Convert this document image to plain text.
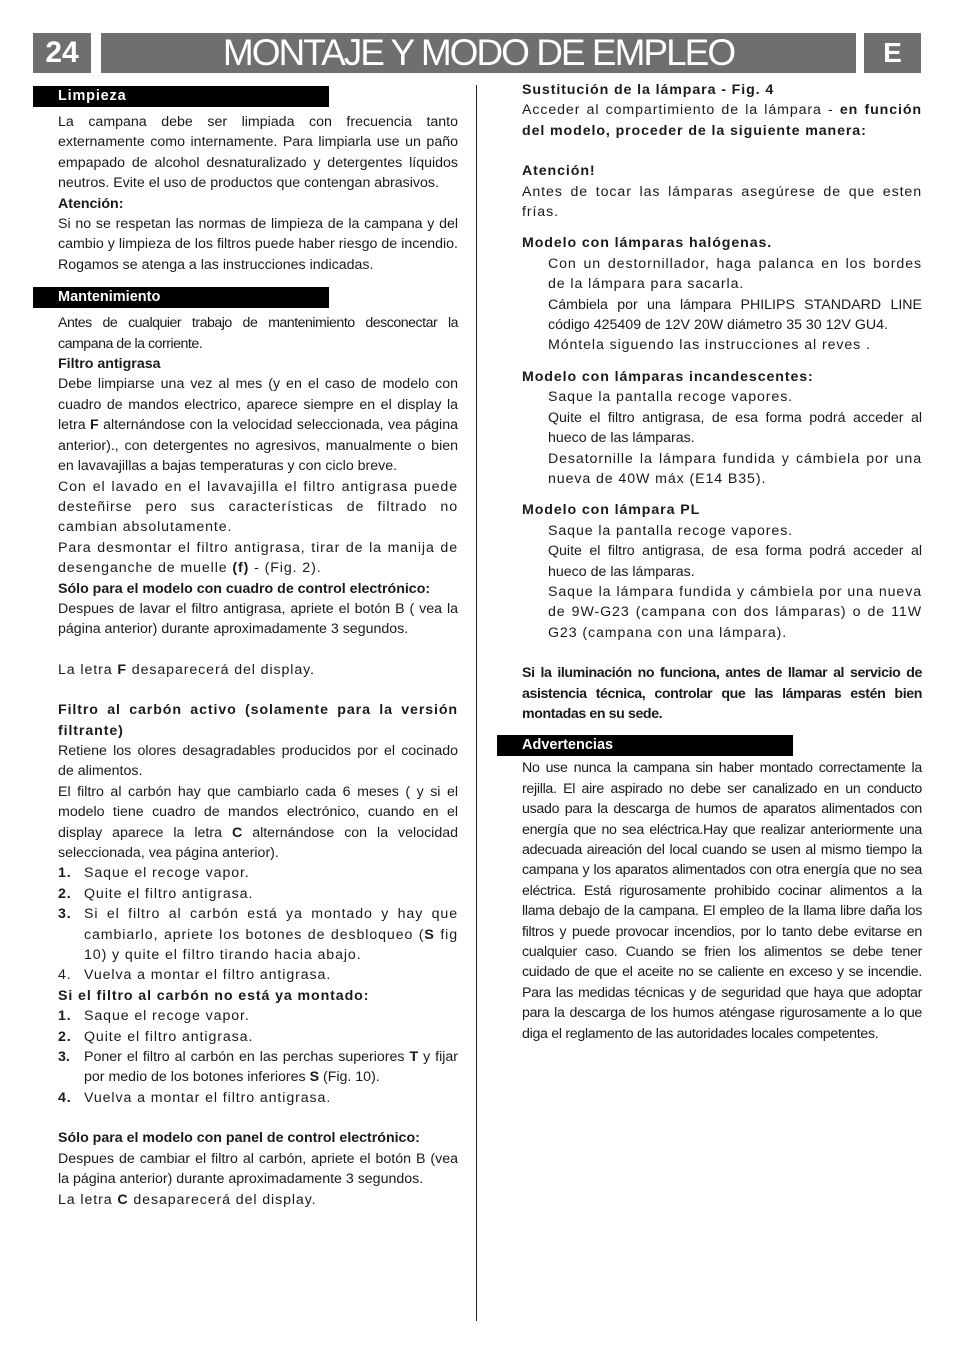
24	MONTAJE Y MODO DE EMPLEO	E
Limpieza

La campana debe ser limpiada con frecuencia tanto externamente como internamente. Para limpiarla use un paño empapado de alcohol desnaturalizado y detergentes líquidos neutros. Evite el uso de productos que contengan abrasivos.

Atención:

Si no se respetan las normas de limpieza de la campana y del cambio y limpieza de los filtros puede haber riesgo de incendio. Rogamos se atenga a las instrucciones indicadas.

Mantenimiento

Antes de cualquier trabajo de mantenimiento desconectar la campana de la corriente.

Filtro antigrasa

Debe limpiarse una vez al mes (y en el caso de modelo con cuadro de mandos electrico, aparece siempre en el display la letra F alternándose con la velocidad seleccionada, vea página anterior)., con detergentes no agresivos, manualmente o bien en lavavajillas a bajas temperaturas y con ciclo breve.

Con el lavado en el lavavajilla el filtro antigrasa puede desteñirse pero sus características de filtrado no cambian absolutamente.

Para desmontar el filtro antigrasa, tirar de la manija de desenganche de muelle (f) - (Fig. 2).

Sólo para el modelo con cuadro de control electrónico:

Despues de lavar el filtro antigrasa, apriete el botón B ( vea la página anterior) durante aproximadamente 3 segundos.

La letra F desaparecerá del display.

Filtro al carbón activo (solamente para la versión filtrante)

Retiene los olores desagradables producidos por el cocinado de alimentos.

El filtro al carbón hay que cambiarlo cada 6 meses ( y si el modelo tiene cuadro de mandos electrónico, cuando en el display aparece la letra C alternándose con la velocidad seleccionada, vea página anterior).

1. Saque el recoge vapor.
2. Quite el filtro antigrasa.
3. Si el filtro al carbón está ya montado y hay que cambiarlo, apriete los botones de desbloqueo (S fig 10) y quite el filtro tirando hacia abajo.
4. Vuelva a montar el filtro antigrasa.

Si el filtro al carbón no está ya montado:

1. Saque el recoge vapor.
2. Quite el filtro antigrasa.
3. Poner el filtro al carbón en las perchas superiores T y fijar por medio de los botones inferiores S (Fig. 10).
4. Vuelva a montar el filtro antigrasa.

Sólo para el modelo con panel de control electrónico:

Despues de cambiar el filtro al carbón, apriete el botón B (vea la página anterior) durante aproximadamente 3 segundos.

La letra C desaparecerá del display.

Sustitución de la lámpara - Fig. 4

Acceder al compartimiento de la lámpara - en función del modelo, proceder de la siguiente manera:

Atención!

Antes de tocar las lámparas asegúrese de que esten frías.

Modelo con lámparas halógenas.

Con un destornillador, haga palanca en los bordes de la lámpara para sacarla.

Cámbiela por una lámpara PHILIPS STANDARD LINE código 425409 de 12V 20W diámetro 35 30 12V GU4.

Móntela siguendo las instrucciones al reves .

Modelo con lámparas incandescentes:

Saque la pantalla recoge vapores.

Quite el filtro antigrasa, de esa forma podrá acceder al hueco de las lámparas.

Desatornille la lámpara fundida y cámbiela por una nueva de 40W máx (E14 B35).

Modelo con lámpara PL

Saque la pantalla recoge vapores.

Quite el filtro antigrasa, de esa forma podrá acceder al hueco de las lámparas.

Saque la lámpara fundida y cámbiela por una nueva de 9W-G23 (campana con dos lámparas) o de 11W G23 (campana con una lámpara).

Si la iluminación no funciona, antes de llamar al servicio de asistencia técnica, controlar que las lámparas estén bien montadas en su sede.

Advertencias

No use nunca la campana sin haber montado correctamente la rejilla. El aire aspirado no debe ser canalizado en un conducto usado para la descarga de humos de aparatos alimentados con energía que no sea eléctrica.Hay que realizar anteriormente una adecuada aireación del local cuando se usen al mismo tiempo la campana y los aparatos alimentados con otra energía que no sea eléctrica. Está rigurosamente prohibido cocinar alimentos a la llama debajo de la campana. El empleo de la llama libre daña los filtros y puede provocar incendios, por lo tanto debe evitarse en cualquier caso. Cuando se frien los alimentos se debe tener cuidado de que el aceite no se caliente en exceso y se incendie. Para las medidas técnicas y de seguridad que haya que adoptar para la descarga de los humos aténgase rigurosamente a lo que diga el reglamento de las autoridades locales competentes.
